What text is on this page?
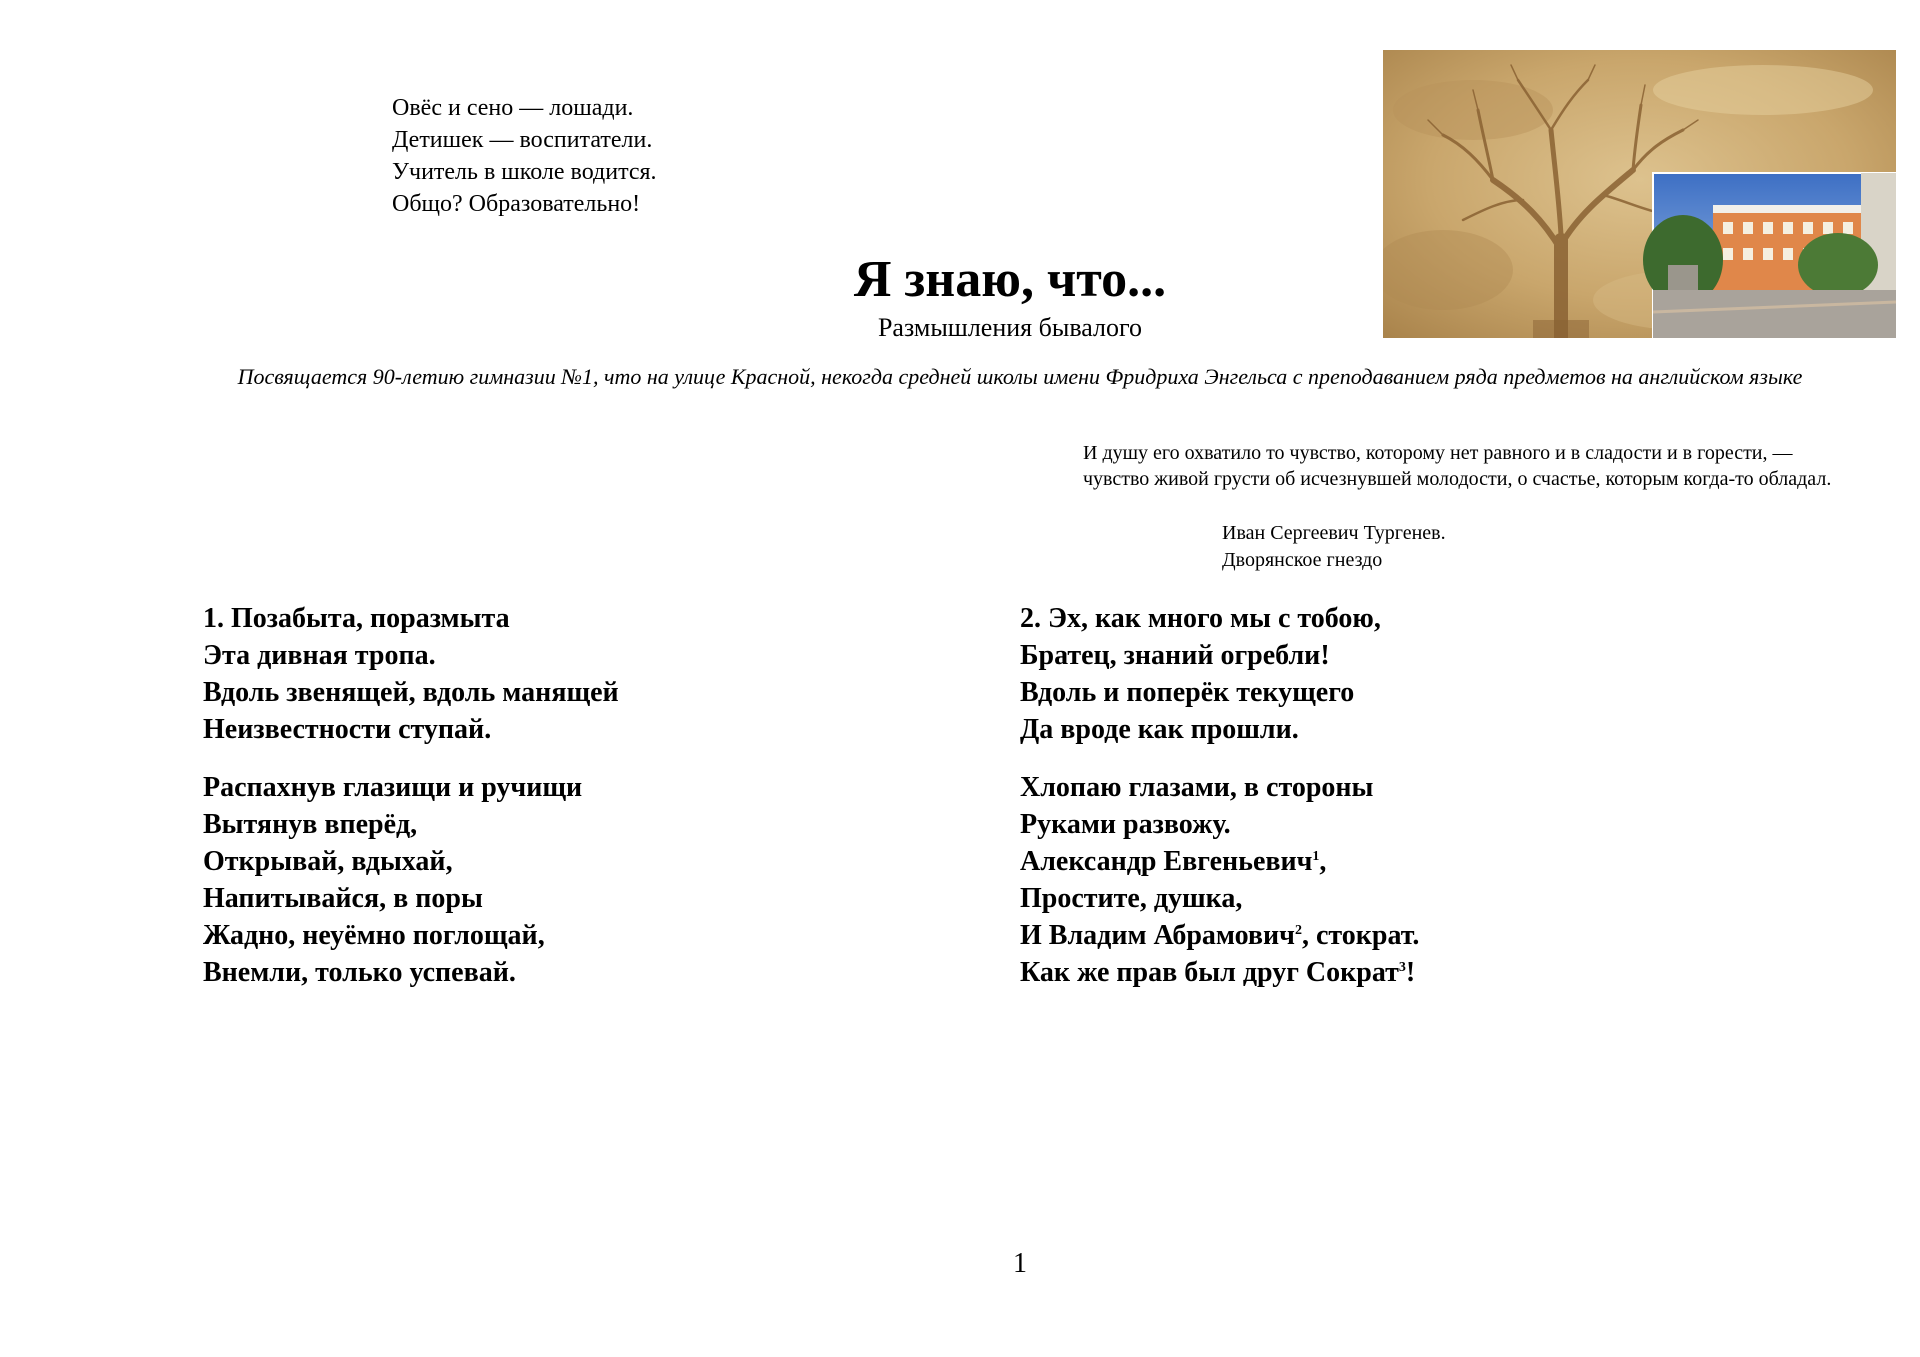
Овёс и сено — лошади.
Детишек — воспитатели.
Учитель в школе водится.
Общо? Образовательно!
Я знаю, что...
Размышления бывалого
Посвящается 90-летию гимназии №1, что на улице Красной, некогда средней школы имени Фридриха Энгельса с преподаванием ряда предметов на английском языке
И душу его охватило то чувство, которому нет равного и в сладости и в горести, — чувство живой грусти об исчезнувшей молодости, о счастье, которым когда-то обладал.
Иван Сергеевич Тургенев.
Дворянское гнездо
1. Позабыта, поразмыта
Эта дивная тропа.
Вдоль звенящей, вдоль манящей
Неизвестности ступай.
Распахнув глазищи и ручищи
Вытянув вперёд,
Открывай, вдыхай,
Напитывайся, в поры
Жадно, неуёмно поглощай,
Внемли, только успевай.
2. Эх, как много мы с тобою,
Братец, знаний огребли!
Вдоль и поперёк текущего
Да вроде как прошли.
Хлопаю глазами, в стороны
Руками развожу.
Александр Евгеньевич$^1$,
Простите, душка,
И Владим Абрамович$^2$, стократ.
Как же прав был друг Сократ$^3$!
1
